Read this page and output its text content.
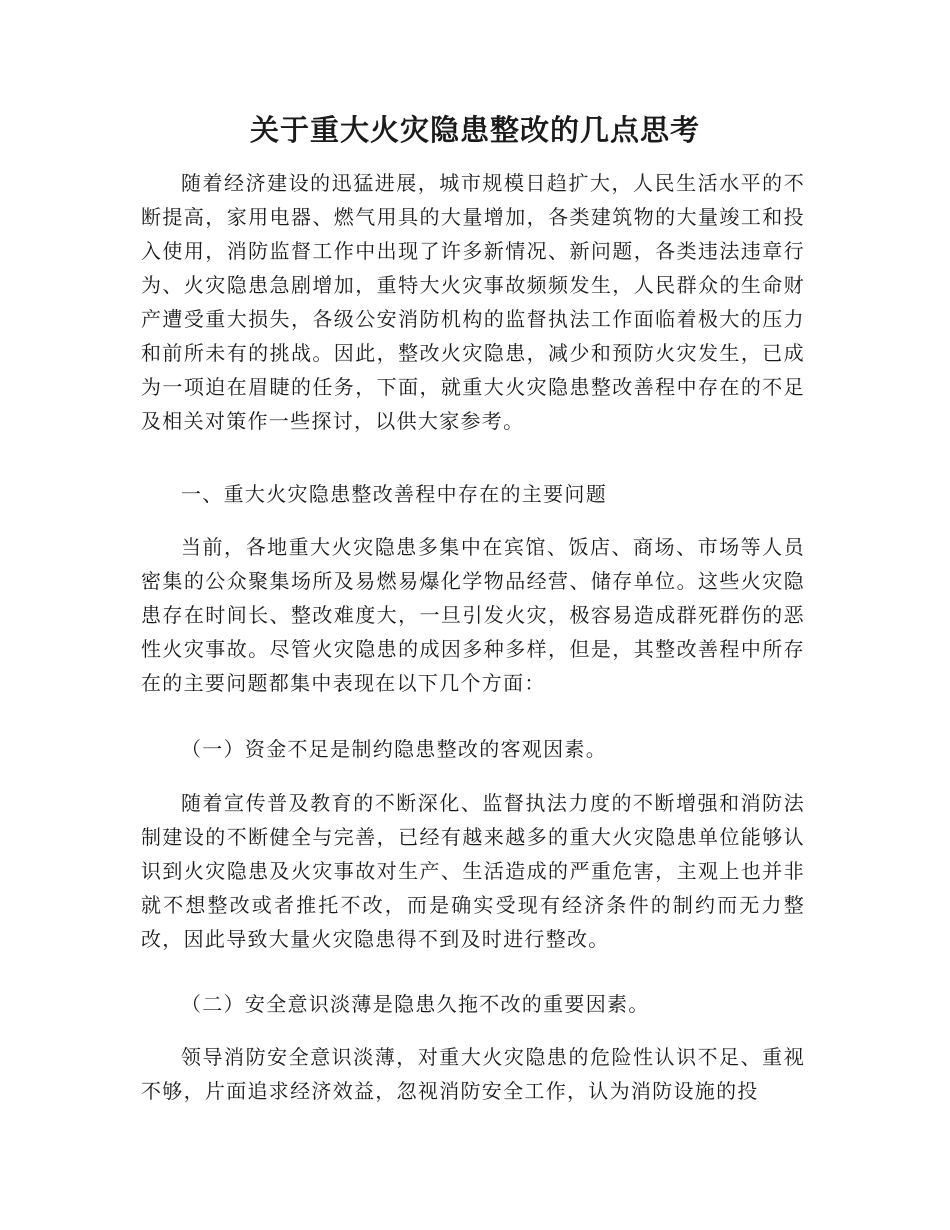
关于重大火灾隐患整改的几点思考

随着经济建设的迅猛进展，城市规模日趋扩大，人民生活水平的不断提高，家用电器、燃气用具的大量增加，各类建筑物的大量竣工和投入使用，消防监督工作中出现了许多新情况、新问题，各类违法违章行为、火灾隐患急剧增加，重特大火灾事故频频发生，人民群众的生命财产遭受重大损失，各级公安消防机构的监督执法工作面临着极大的压力和前所未有的挑战。因此，整改火灾隐患，减少和预防火灾发生，已成为一项迫在眉睫的任务，下面，就重大火灾隐患整改善程中存在的不足及相关对策作一些探讨，以供大家参考。

一、重大火灾隐患整改善程中存在的主要问题

当前，各地重大火灾隐患多集中在宾馆、饭店、商场、市场等人员密集的公众聚集场所及易燃易爆化学物品经营、储存单位。这些火灾隐患存在时间长、整改难度大，一旦引发火灾，极容易造成群死群伤的恶性火灾事故。尽管火灾隐患的成因多种多样，但是，其整改善程中所存在的主要问题都集中表现在以下几个方面：

（一）资金不足是制约隐患整改的客观因素。

随着宣传普及教育的不断深化、监督执法力度的不断增强和消防法制建设的不断健全与完善，已经有越来越多的重大火灾隐患单位能够认识到火灾隐患及火灾事故对生产、生活造成的严重危害，主观上也并非就不想整改或者推托不改，而是确实受现有经济条件的制约而无力整改，因此导致大量火灾隐患得不到及时进行整改。

（二）安全意识淡薄是隐患久拖不改的重要因素。

领导消防安全意识淡薄，对重大火灾隐患的危险性认识不足、重视不够，片面追求经济效益，忽视消防安全工作，认为消防设施的投
